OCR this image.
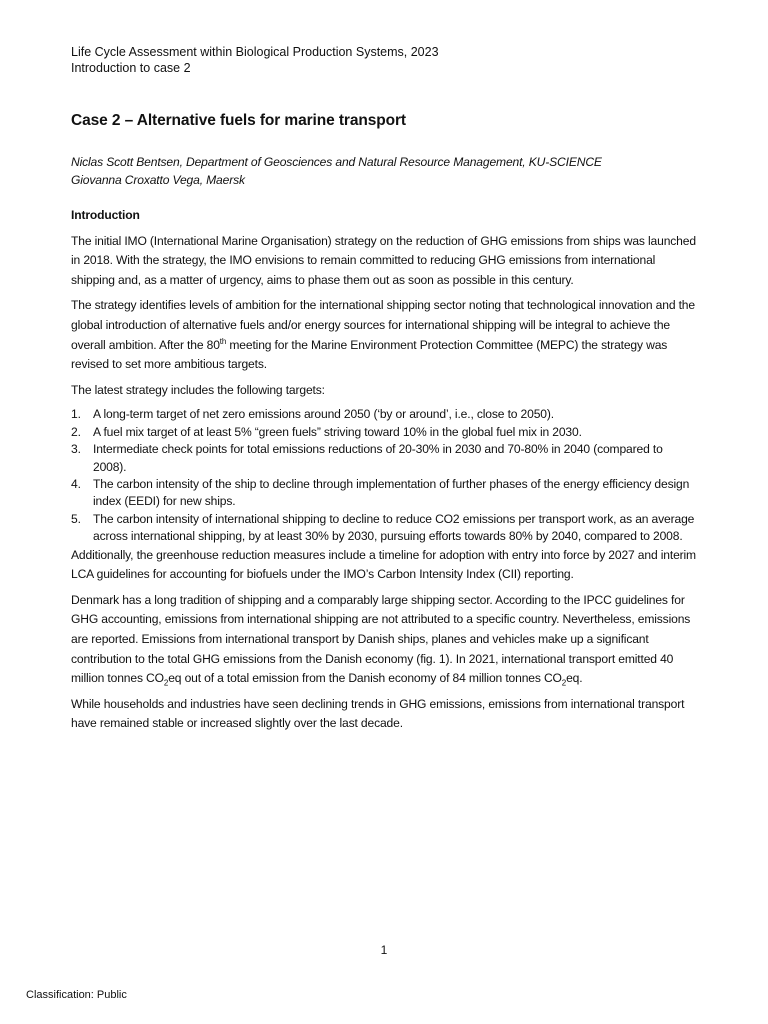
Life Cycle Assessment within Biological Production Systems, 2023
Introduction to case 2
Case 2 – Alternative fuels for marine transport
Niclas Scott Bentsen, Department of Geosciences and Natural Resource Management, KU-SCIENCE
Giovanna Croxatto Vega, Maersk
Introduction

The initial IMO (International Marine Organisation) strategy on the reduction of GHG emissions from ships was launched in 2018. With the strategy, the IMO envisions to remain committed to reducing GHG emissions from international shipping and, as a matter of urgency, aims to phase them out as soon as possible in this century.

The strategy identifies levels of ambition for the international shipping sector noting that technological innovation and the global introduction of alternative fuels and/or energy sources for international shipping will be integral to achieve the overall ambition. After the 80th meeting for the Marine Environment Protection Committee (MEPC) the strategy was revised to set more ambitious targets.

The latest strategy includes the following targets:

1.	A long-term target of net zero emissions around 2050 (‘by or around’, i.e., close to 2050).
2.	A fuel mix target of at least 5% “green fuels” striving toward 10% in the global fuel mix in 2030.
3.	Intermediate check points for total emissions reductions of 20-30% in 2030 and 70-80% in 2040 (compared to 2008).
4.	The carbon intensity of the ship to decline through implementation of further phases of the energy efficiency design index (EEDI) for new ships.
5.	The carbon intensity of international shipping to decline to reduce CO2 emissions per transport work, as an average across international shipping, by at least 30% by 2030, pursuing efforts towards 80% by 2040, compared to 2008.

Additionally, the greenhouse reduction measures include a timeline for adoption with entry into force by 2027 and interim LCA guidelines for accounting for biofuels under the IMO’s Carbon Intensity Index (CII) reporting.

Denmark has a long tradition of shipping and a comparably large shipping sector. According to the IPCC guidelines for GHG accounting, emissions from international shipping are not attributed to a specific country. Nevertheless, emissions are reported. Emissions from international transport by Danish ships, planes and vehicles make up a significant contribution to the total GHG emissions from the Danish economy (fig. 1). In 2021, international transport emitted 40 million tonnes $CO_2eq$ out of a total emission from the Danish economy of 84 million tonnes $CO_2eq$.

While households and industries have seen declining trends in GHG emissions, emissions from international transport have remained stable or increased slightly over the last decade.

1
Classification: Public
